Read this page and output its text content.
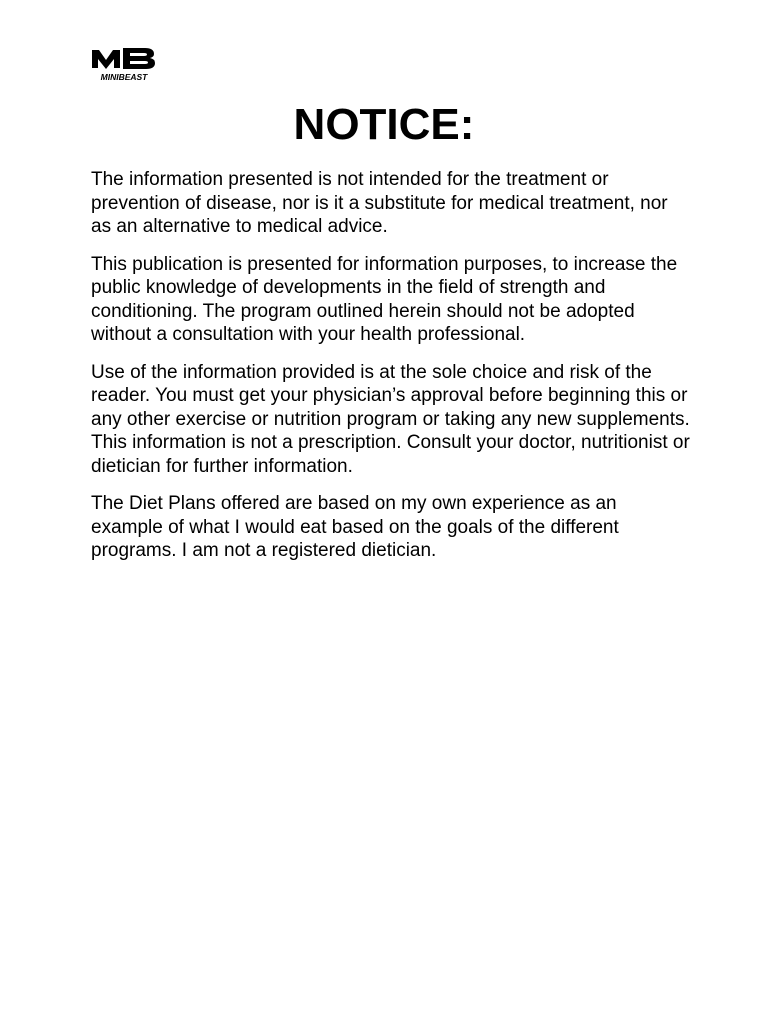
MINIBEAST
NOTICE:

The information presented is not intended for the treatment or prevention of disease, nor is it a substitute for medical treatment, nor as an alternative to medical advice.

This publication is presented for information purposes, to increase the public knowledge of developments in the field of strength and conditioning. The program outlined herein should not be adopted without a consultation with your health professional.

Use of the information provided is at the sole choice and risk of the reader. You must get your physician’s approval before beginning this or any other exercise or nutrition program or taking any new supplements. This information is not a prescription. Consult your doctor, nutritionist or dietician for further information.

The Diet Plans offered are based on my own experience as an example of what I would eat based on the goals of the different programs. I am not a registered dietician.
